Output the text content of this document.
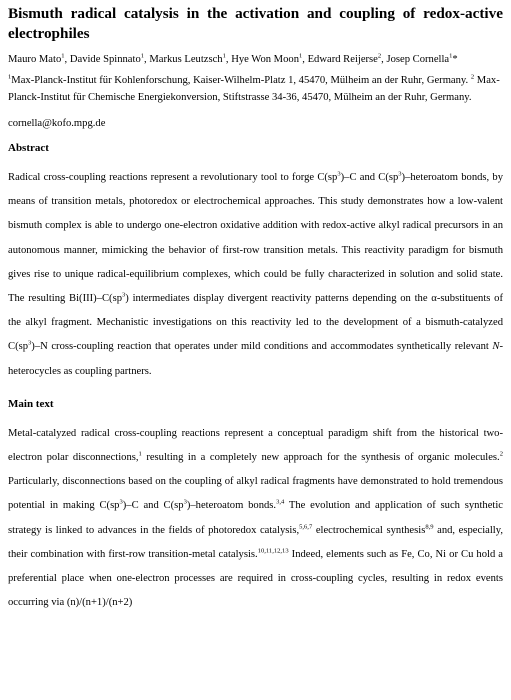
Bismuth radical catalysis in the activation and coupling of redox-active electrophiles
Mauro Mato$^1$, Davide Spinnato$^1$, Markus Leutzsch$^1$, Hye Won Moon$^1$, Edward Reijerse$^2$, Josep Cornella$^1$*
$^1$Max-Planck-Institut für Kohlenforschung, Kaiser-Wilhelm-Platz 1, 45470, Mülheim an der Ruhr, Germany. $^2$ Max-Planck-Institut für Chemische Energiekonversion, Stiftstrasse 34-36, 45470, Mülheim an der Ruhr, Germany.
cornella@kofo.mpg.de
Abstract

Radical cross-coupling reactions represent a revolutionary tool to forge $C(sp^3)-C$ and $C(sp^3)$–heteroatom bonds, by means of transition metals, photoredox or electrochemical approaches. This study demonstrates how a low-valent bismuth complex is able to undergo one-electron oxidative addition with redox-active alkyl radical precursors in an autonomous manner, mimicking the behavior of first-row transition metals. This reactivity paradigm for bismuth gives rise to unique radical-equilibrium complexes, which could be fully characterized in solution and solid state. The resulting $Bi(III)-C(sp^3)$ intermediates display divergent reactivity patterns depending on the α-substituents of the alkyl fragment. Mechanistic investigations on this reactivity led to the development of a bismuth-catalyzed $C(sp^3)-N$ cross-coupling reaction that operates under mild conditions and accommodates synthetically relevant N-heterocycles as coupling partners.

Main text

Metal-catalyzed radical cross-coupling reactions represent a conceptual paradigm shift from the historical two-electron polar disconnections,$^1$ resulting in a completely new approach for the synthesis of organic molecules.$^2$ Particularly, disconnections based on the coupling of alkyl radical fragments have demonstrated to hold tremendous potential in making $C(sp^3)-C$ and $C(sp^3)$–heteroatom bonds.$^{3,4}$ The evolution and application of such synthetic strategy is linked to advances in the fields of photoredox catalysis,$^{5,6,7}$ electrochemical synthesis$^{8,9}$ and, especially, their combination with first-row transition-metal catalysis.$^{10,11,12,13}$ Indeed, elements such as Fe, Co, Ni or Cu hold a preferential place when one-electron processes are required in cross-coupling cycles, resulting in redox events occurring via (n)/(n+1)/(n+2)
